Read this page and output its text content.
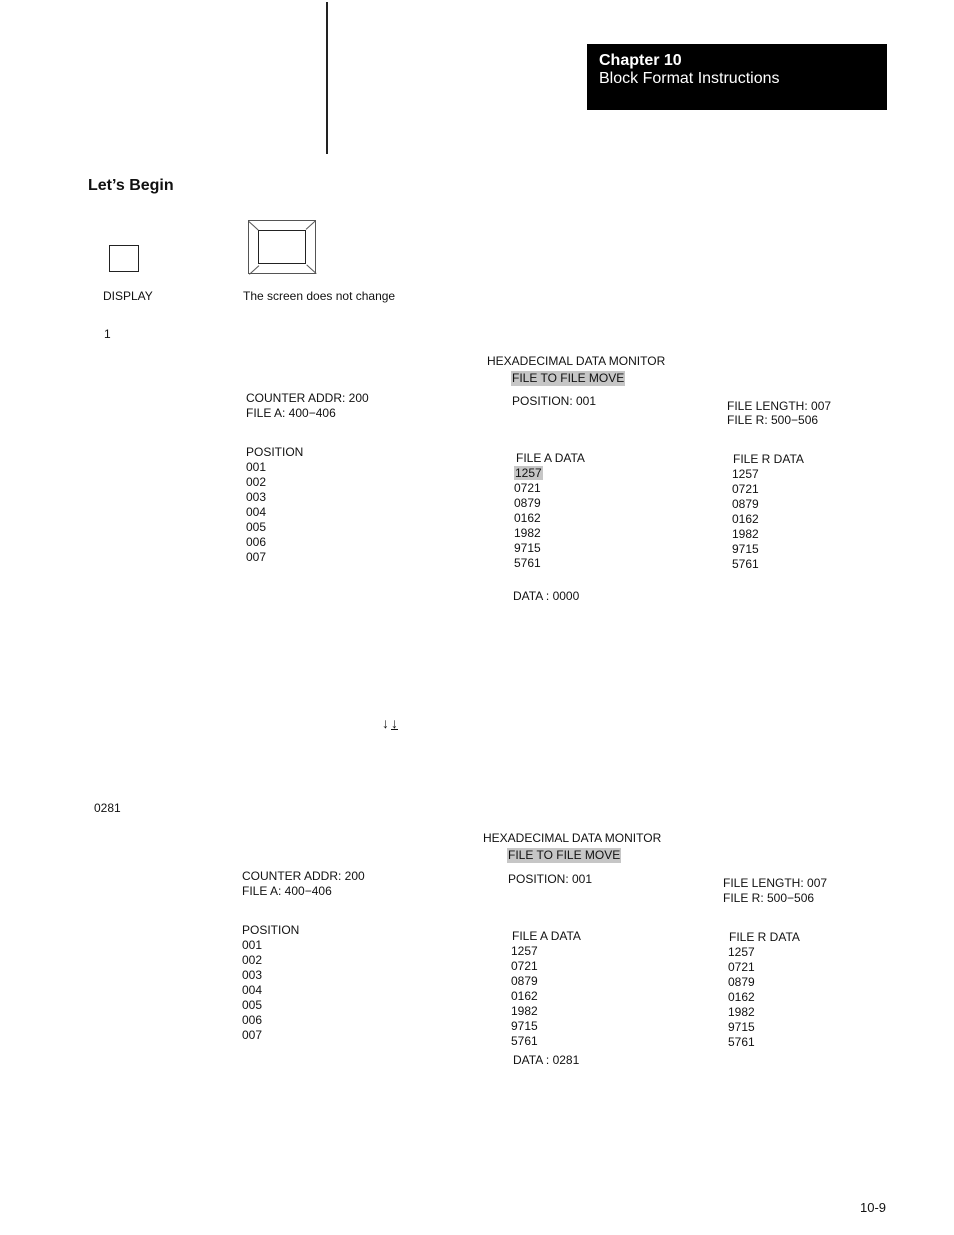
Chapter 10
Block Format Instructions
Let’s Begin
DISPLAY	The screen does not change
1
HEXADECIMAL DATA MONITOR
FILE TO FILE MOVE
POSITION: 001
COUNTER ADDR: 200
FILE A: 400−406	FILE LENGTH: 007
FILE R: 500−506
POSITION
001
002
003
004
005
006
007
FILE A DATA
1257
0721
0879
0162
1982
9715
5761
FILE R DATA
1257
0721
0879
0162
1982
9715
5761
DATA : 0000
↓ ↓
0281
HEXADECIMAL DATA MONITOR
FILE TO FILE MOVE
POSITION: 001
COUNTER ADDR: 200
FILE A: 400−406
FILE LENGTH: 007
FILE R: 500−506
POSITION
001
002
003
004
005
006
007
FILE A DATA
1257
0721
0879
0162
1982
9715
5761
FILE R DATA
1257
0721
0879
0162
1982
9715
5761
DATA : 0281
10-9
